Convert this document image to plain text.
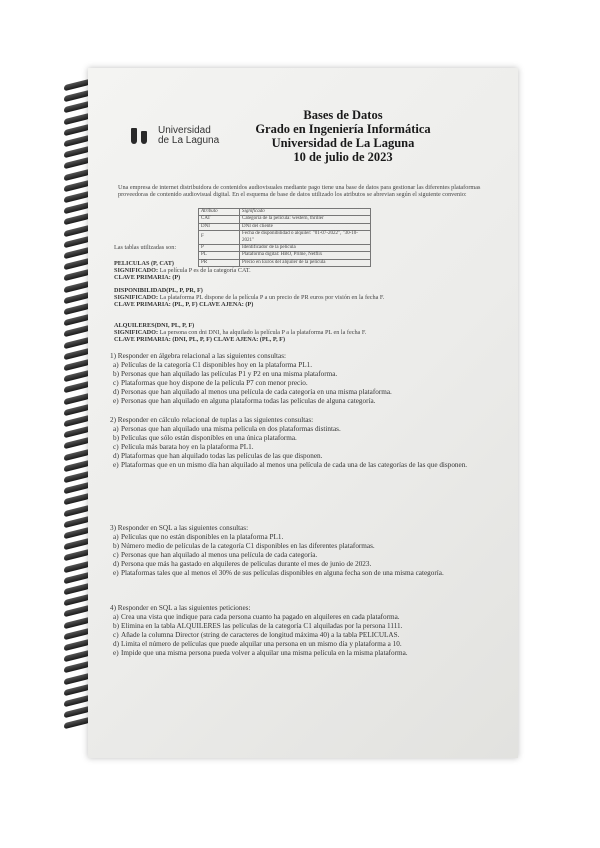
Universidad
de La Laguna
Bases de Datos
Grado en Ingeniería Informática
Universidad de La Laguna
10 de julio de 2023
Una empresa de internet distribuidora de contenidos audiovisuales mediante pago tiene una base de datos para gestionar las diferentes plataformas proveedoras de contenido audiovisual digital. En el esquema de base de datos utilizado los atributos se abrevian según el siguiente convenio:
Atributo	Significado
CAT	Categoría de la película: western, thriller
DNI	DNI del cliente
F	Fecha de disponibilidad o alquiler: "01-07-2022", "30-10-2021"
P	Identificador de la película
PL	Plataforma digital: HBO, Prime, Netflix
PR	Precio en Euros del alquiler de la película
Las tablas utilizadas son:
PELICULAS (P, CAT)
SIGNIFICADO: La película P es de la categoría CAT.
CLAVE PRIMARIA: (P)
DISPONIBILIDAD(PL, P, PR, F)
SIGNIFICADO: La plataforma PL dispone de la película P a un precio de PR euros por visión en la fecha F.
CLAVE PRIMARIA: (PL, P, F) CLAVE AJENA: (P)
ALQUILERES(DNI, PL, P, F)
SIGNIFICADO: La persona con dni DNI, ha alquilado la película P a la plataforma PL en la fecha F.
CLAVE PRIMARIA: (DNI, PL, P, F) CLAVE AJENA: (PL, P, F)
1) Responder en álgebra relacional a las siguientes consultas:
a) Películas de la categoría C1 disponibles hoy en la plataforma PL1.
b) Personas que han alquilado las películas P1 y P2 en una misma plataforma.
c) Plataformas que hoy dispone de la película P7 con menor precio.
d) Personas que han alquilado al menos una película de cada categoría en una misma plataforma.
e) Personas que han alquilado en alguna plataforma todas las películas de alguna categoría.
2) Responder en cálculo relacional de tuplas a las siguientes consultas:
a) Personas que han alquilado una misma película en dos plataformas distintas.
b) Películas que sólo están disponibles en una única plataforma.
c) Película más barata hoy en la plataforma PL1.
d) Plataformas que han alquilado todas las películas de las que disponen.
e) Plataformas que en un mismo día han alquilado al menos una película de cada una de las categorías de las que disponen.
3) Responder en SQL a las siguientes consultas:
a) Películas que no están disponibles en la plataforma PL1.
b) Número medio de películas de la categoría C1 disponibles en las diferentes plataformas.
c) Personas que han alquilado al menos una película de cada categoría.
d) Persona que más ha gastado en alquileres de películas durante el mes de junio de 2023.
e) Plataformas tales que al menos el 30% de sus películas disponibles en alguna fecha son de una misma categoría.
4) Responder en SQL a las siguientes peticiones:
a) Crea una vista que indique para cada persona cuanto ha pagado en alquileres en cada plataforma.
b) Elimina en la tabla ALQUILERES las películas de la categoría C1 alquiladas por la persona 1111.
c) Añade la columna Director (string de caracteres de longitud máxima 40) a la tabla PELICULAS.
d) Limita el número de películas que puede alquilar una persona en un mismo día y plataforma a 10.
e) Impide que una misma persona pueda volver a alquilar una misma película en la misma plataforma.
